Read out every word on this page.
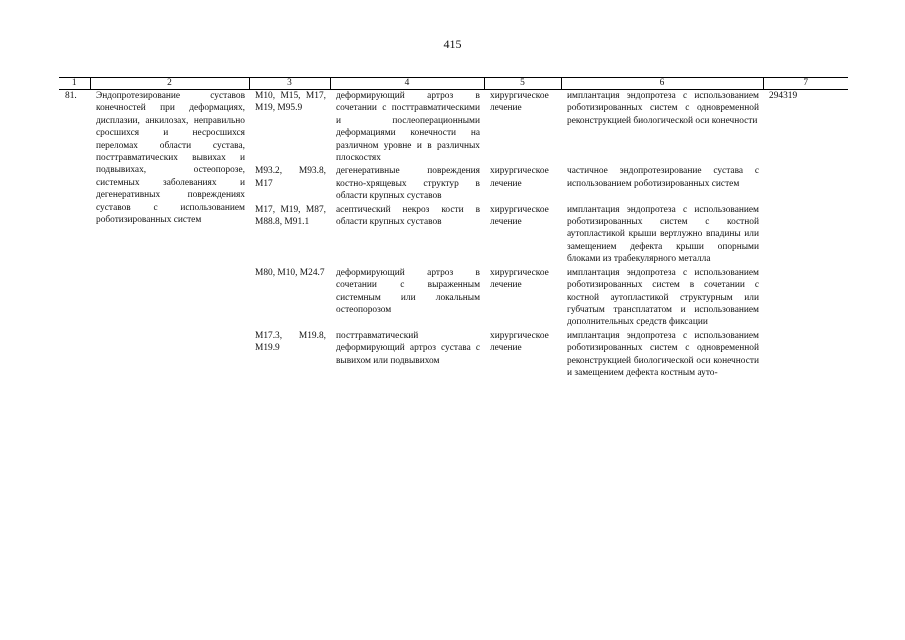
415
1	2	3	4	5	6	7
81.	Эндопротезирование суставов конечностей при деформациях, дисплазии, анкилозах, неправильно сросшихся и несросшихся переломах области сустава, посттравматических вывихах и подвывихах, остеопорозе, системных заболеваниях и дегенеративных повреждениях суставов с использованием роботизированных систем	M10, M15, M17, M19, M95.9	деформирующий артроз в сочетании с посттравматическими и послеоперационными деформациями конечности на различном уровне и в различных плоскостях	хирургическое лечение	имплантация эндопротеза с использованием роботизированных систем с одновременной реконструкцией биологической оси конечности	294319
		M93.2, M93.8, M17	дегенеративные повреждения костно-хрящевых структур в области крупных суставов	хирургическое лечение	частичное эндопротезирование сустава с использованием роботизированных систем	
		M17, M19, M87, M88.8, M91.1	асептический некроз кости в области крупных суставов	хирургическое лечение	имплантация эндопротеза с использованием роботизированных систем с костной аутопластикой крыши вертлужно впадины или замещением дефекта крыши опорными блоками из трабекулярного металла	
		M80, M10, M24.7	деформирующий артроз в сочетании с выраженным системным или локальным остеопорозом	хирургическое лечение	имплантация эндопротеза с использованием роботизированных систем в сочетании с костной аутопластикой структурным или губчатым трансплататом и использованием дополнительных средств фиксации	
		M17.3, M19.8, M19.9	посттравматический деформирующий артроз сустава с вывихом или подвывихом	хирургическое лечение	имплантация эндопротеза с использованием роботизированных систем с одновременной реконструкцией биологической оси конечности и замещением дефекта костным ауто-	
